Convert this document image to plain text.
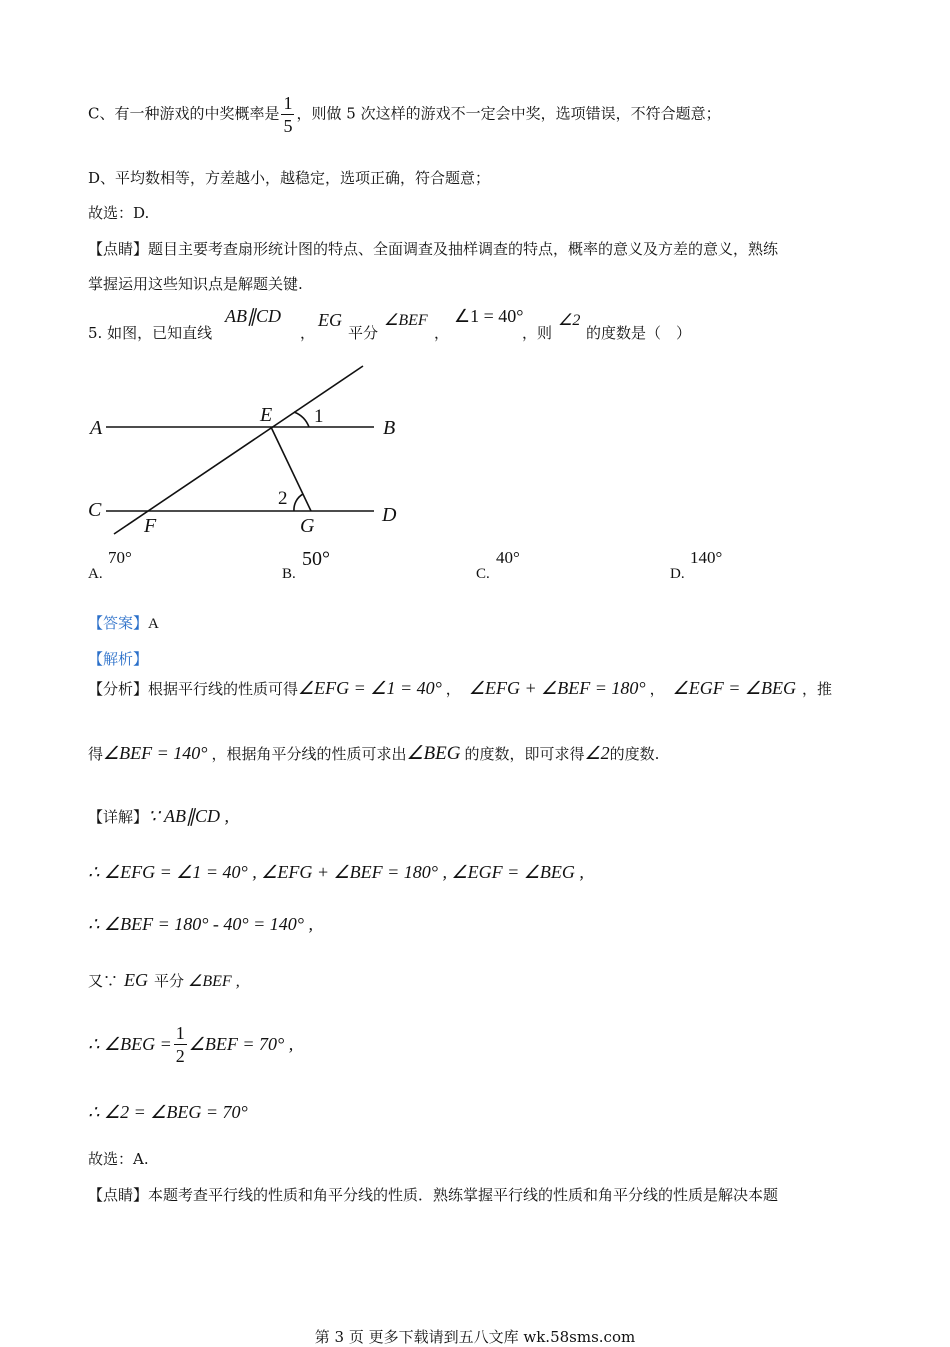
C、有一种游戏的中奖概率是 $\frac{1}{5}$ ，则做 5 次这样的游戏不一定会中奖，选项错误，不符合题意；
D、平均数相等，方差越小，越稳定，选项正确，符合题意；
故选：D.
【点睛】题目主要考查扇形统计图的特点、全面调查及抽样调查的特点，概率的意义及方差的意义，熟练
掌握运用这些知识点是解题关键.
5. 如图，已知直线
AB∥CD
，
EG
平分
∠BEF
，
∠1 = 40°
，则
∠2
的度数是（　）
A	B
C	D
E
F	G
1
2
A.
70°
B.
50°
C.
40°
D.
140°
【答案】A
【解析】
【分析】根据平行线的性质可得∠EFG = ∠1 = 40° ， ∠EFG + ∠BEF = 180° ， ∠EGF = ∠BEG ，推
得∠BEF = 140° ，根据角平分线的性质可求出∠BEG 的度数，即可求得∠2的度数.
【详解】∵ AB∥CD ,
∴ ∠EFG = ∠1 = 40° , ∠EFG + ∠BEF = 180° , ∠EGF = ∠BEG ,
∴ ∠BEF = 180° - 40° = 140° ,
又∵ EG 平分 ∠BEF ,
∴ ∠BEG = $\frac{1}{2}$ ∠BEF = 70° ,
∴ ∠2 = ∠BEG = 70°
故选：A.
【点睛】本题考查平行线的性质和角平分线的性质．熟练掌握平行线的性质和角平分线的性质是解决本题
第 3 页 更多下载请到五八文库 wk.58sms.com
